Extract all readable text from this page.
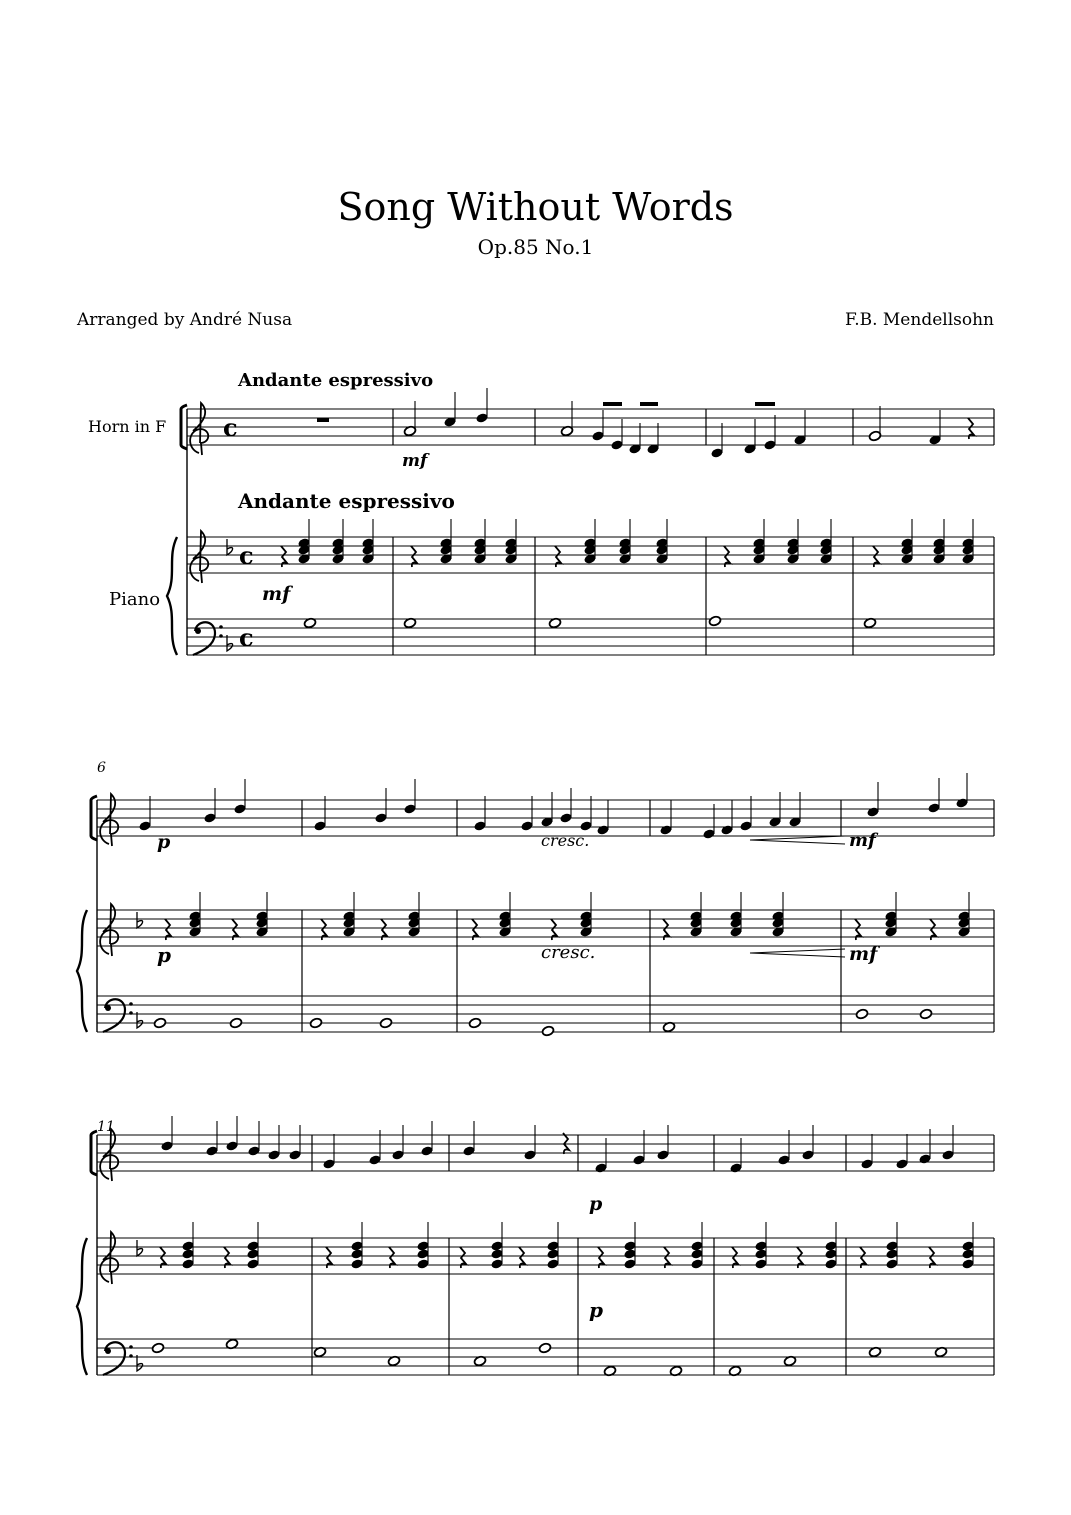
Song Without Words
Op.85 No.1
Arranged by André Nusa	F.B. Mendellsohn
Andante espressivo
Andante espressivo
Horn in F
Piano
c
c
c
mf
mf
6
p
p
cresc.
cresc.
mf
mf
11
p
p
